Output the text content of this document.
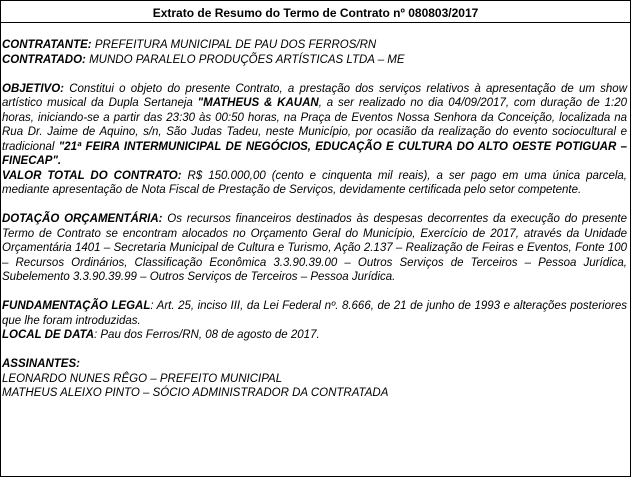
Extrato de Resumo do Termo de Contrato nº 080803/2017

CONTRATANTE: PREFEITURA MUNICIPAL DE PAU DOS FERROS/RN

CONTRATADO: MUNDO PARALELO PRODUÇÕES ARTÍSTICAS LTDA – ME

OBJETIVO: Constitui o objeto do presente Contrato, a prestação dos serviços relativos à apresentação de um show artístico musical da Dupla Sertaneja "MATHEUS & KAUAN, a ser realizado no dia 04/09/2017, com duração de 1:20 horas, iniciando-se a partir das 23:30 às 00:50 horas, na Praça de Eventos Nossa Senhora da Conceição, localizada na Rua Dr. Jaime de Aquino, s/n, São Judas Tadeu, neste Município, por ocasião da realização do evento sociocultural e tradicional "21ª FEIRA INTERMUNICIPAL DE NEGÓCIOS, EDUCAÇÃO E CULTURA DO ALTO OESTE POTIGUAR – FINECAP".

VALOR TOTAL DO CONTRATO: R$ 150.000,00 (cento e cinquenta mil reais), a ser pago em uma única parcela, mediante apresentação de Nota Fiscal de Prestação de Serviços, devidamente certificada pelo setor competente.

DOTAÇÃO ORÇAMENTÁRIA: Os recursos financeiros destinados às despesas decorrentes da execução do presente Termo de Contrato se encontram alocados no Orçamento Geral do Município, Exercício de 2017, através da Unidade Orçamentária 1401 – Secretaria Municipal de Cultura e Turismo, Ação 2.137 – Realização de Feiras e Eventos, Fonte 100 – Recursos Ordinários, Classificação Econômica 3.3.90.39.00 – Outros Serviços de Terceiros – Pessoa Jurídica, Subelemento 3.3.90.39.99 – Outros Serviços de Terceiros – Pessoa Jurídica.

FUNDAMENTAÇÃO LEGAL: Art. 25, inciso III, da Lei Federal nº. 8.666, de 21 de junho de 1993 e alterações posteriores que lhe foram introduzidas.

LOCAL DE DATA: Pau dos Ferros/RN, 08 de agosto de 2017.

ASSINANTES:

LEONARDO NUNES RÊGO – PREFEITO MUNICIPAL

MATHEUS ALEIXO PINTO – SÓCIO ADMINISTRADOR DA CONTRATADA
